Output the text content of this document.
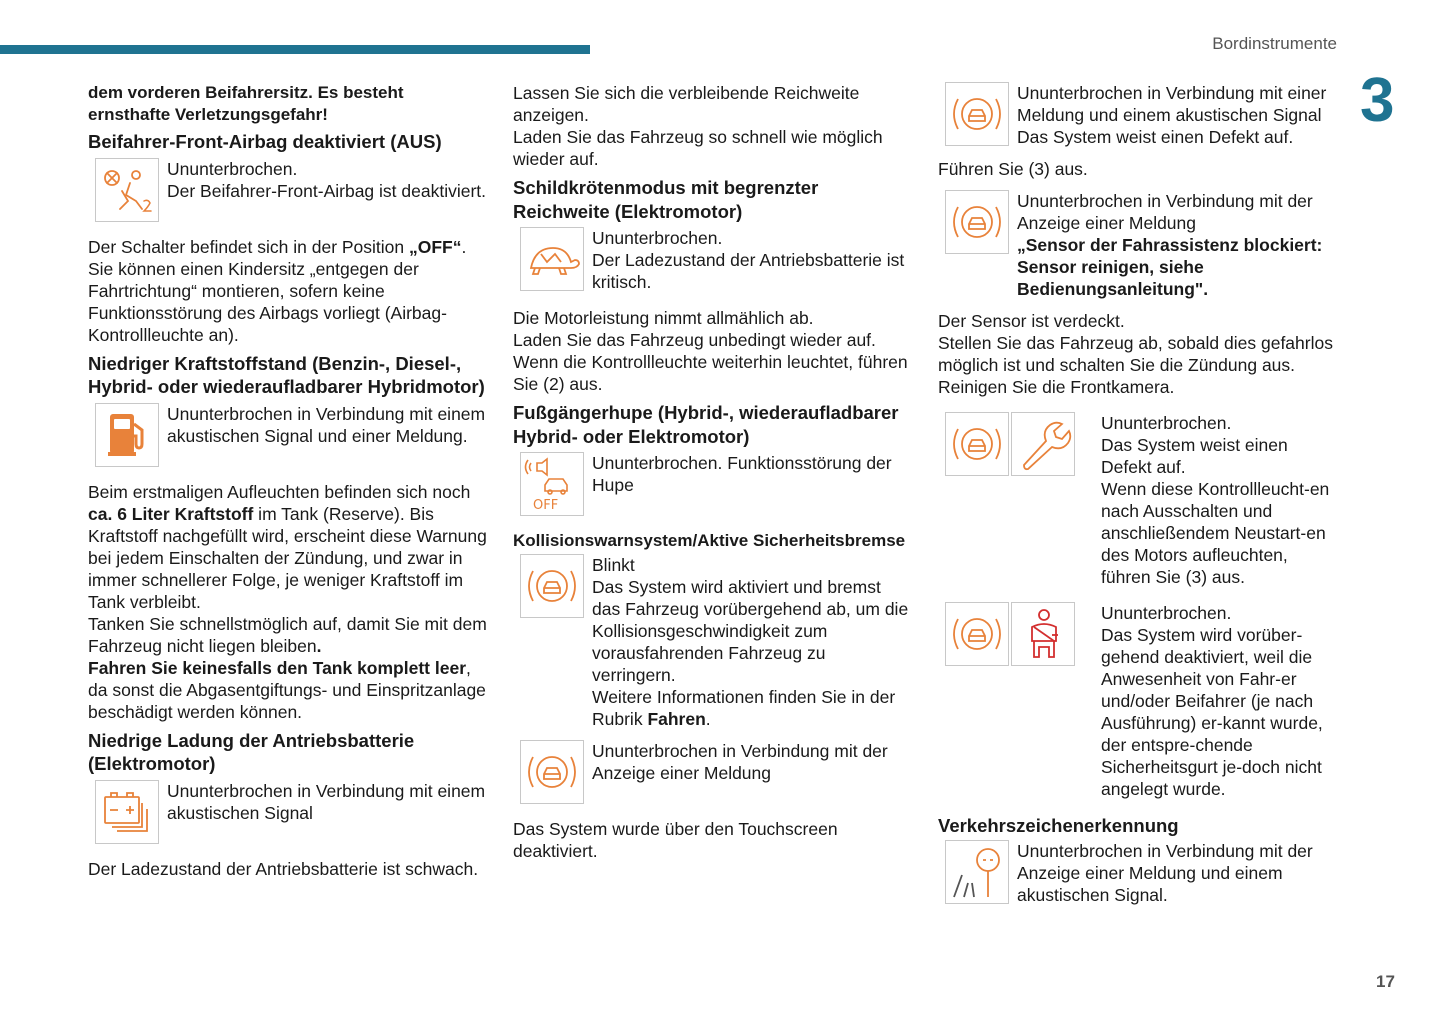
Bordinstrumente
3

dem vorderen Beifahrersitz. Es besteht ernsthafte Verletzungsgefahr!

Beifahrer-Front-Airbag deaktiviert (AUS)

Ununterbrochen.

Der Beifahrer-Front-Airbag ist deaktiviert.

Der Schalter befindet sich in der Position „OFF“. Sie können einen Kindersitz „entgegen der Fahrtrichtung“ montieren, sofern keine Funktionsstörung des Airbags vorliegt (Airbag-Kontrollleuchte an).

Niedriger Kraftstoffstand (Benzin-, Diesel-, Hybrid- oder wiederaufladbarer Hybridmotor)

Ununterbrochen in Verbindung mit einem akustischen Signal und einer Meldung.

Beim erstmaligen Aufleuchten befinden sich noch ca. 6 Liter Kraftstoff im Tank (Reserve). Bis Kraftstoff nachgefüllt wird, erscheint diese Warnung bei jedem Einschalten der Zündung, und zwar in immer schnellerer Folge, je weniger Kraftstoff im Tank verbleibt.

Tanken Sie schnellstmöglich auf, damit Sie mit dem Fahrzeug nicht liegen bleiben.

Fahren Sie keinesfalls den Tank komplett leer, da sonst die Abgasentgiftungs- und Einspritzanlage beschädigt werden können.

Niedrige Ladung der Antriebsbatterie (Elektromotor)

Ununterbrochen in Verbindung mit einem akustischen Signal

Der Ladezustand der Antriebsbatterie ist schwach.

Lassen Sie sich die verbleibende Reichweite anzeigen.

Laden Sie das Fahrzeug so schnell wie möglich wieder auf.

Schildkrötenmodus mit begrenzter Reichweite (Elektromotor)

Ununterbrochen.

Der Ladezustand der Antriebsbatterie ist kritisch.

Die Motorleistung nimmt allmählich ab.

Laden Sie das Fahrzeug unbedingt wieder auf.

Wenn die Kontrollleuchte weiterhin leuchtet, führen Sie (2) aus.

Fußgängerhupe (Hybrid-, wiederaufladbarer Hybrid- oder Elektromotor)

OFF

Ununterbrochen. Funktionsstörung der Hupe

Kollisionswarnsystem/Aktive Sicherheitsbremse

Blinkt

Das System wird aktiviert und bremst das Fahrzeug vorübergehend ab, um die Kollisionsgeschwindigkeit zum vorausfahrenden Fahrzeug zu verringern.

Weitere Informationen finden Sie in der Rubrik Fahren.

Ununterbrochen in Verbindung mit der Anzeige einer Meldung

Das System wurde über den Touchscreen deaktiviert.

Ununterbrochen in Verbindung mit einer Meldung und einem akustischen Signal

Das System weist einen Defekt auf.

Führen Sie (3) aus.

Ununterbrochen in Verbindung mit der Anzeige einer Meldung

„Sensor der Fahrassistenz blockiert: Sensor reinigen, siehe Bedienungsanleitung".

Der Sensor ist verdeckt.

Stellen Sie das Fahrzeug ab, sobald dies gefahrlos möglich ist und schalten Sie die Zündung aus.

Reinigen Sie die Frontkamera.

Ununterbrochen.

Das System weist einen Defekt auf.

Wenn diese Kontrollleucht-en nach Ausschalten und anschließendem Neustart-en des Motors aufleuchten, führen Sie (3) aus.

Ununterbrochen.

Das System wird vorüber-gehend deaktiviert, weil die Anwesenheit von Fahr-er und/oder Beifahrer (je nach Ausführung) er-kannt wurde, der entspre-chende Sicherheitsgurt je-doch nicht angelegt wurde.

Verkehrszeichenerkennung

Ununterbrochen in Verbindung mit der Anzeige einer Meldung und einem akustischen Signal.

17
